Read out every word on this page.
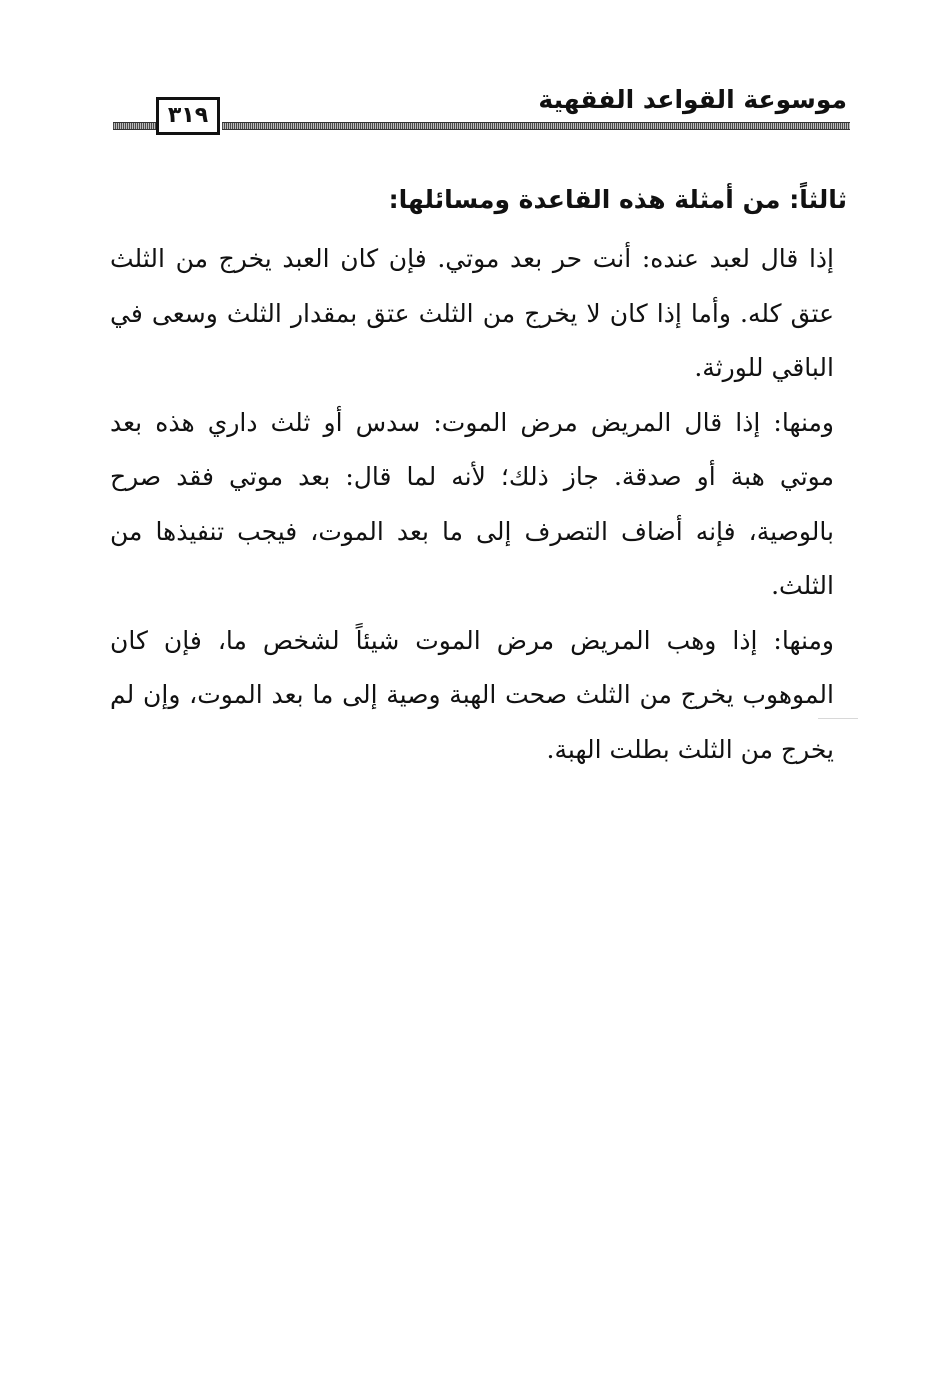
موسوعة القواعد الفقهية
٣١٩
ثالثاً: من أمثلة هذه القاعدة ومسائلها:

إذا قال لعبد عنده: أنت حر بعد موتي. فإن كان العبد يخرج من الثلث عتق كله. وأما إذا كان لا يخرج من الثلث عتق بمقدار الثلث وسعى في الباقي للورثة.

ومنها: إذا قال المريض مرض الموت: سدس أو ثلث داري هذه بعد موتي هبة أو صدقة. جاز ذلك؛ لأنه لما قال: بعد موتي فقد صرح بالوصية، فإنه أضاف التصرف إلى ما بعد الموت، فيجب تنفيذها من الثلث.

ومنها: إذا وهب المريض مرض الموت شيئاً لشخص ما، فإن كان الموهوب يخرج من الثلث صحت الهبة وصية إلى ما بعد الموت، وإن لم يخرج من الثلث بطلت الهبة.
